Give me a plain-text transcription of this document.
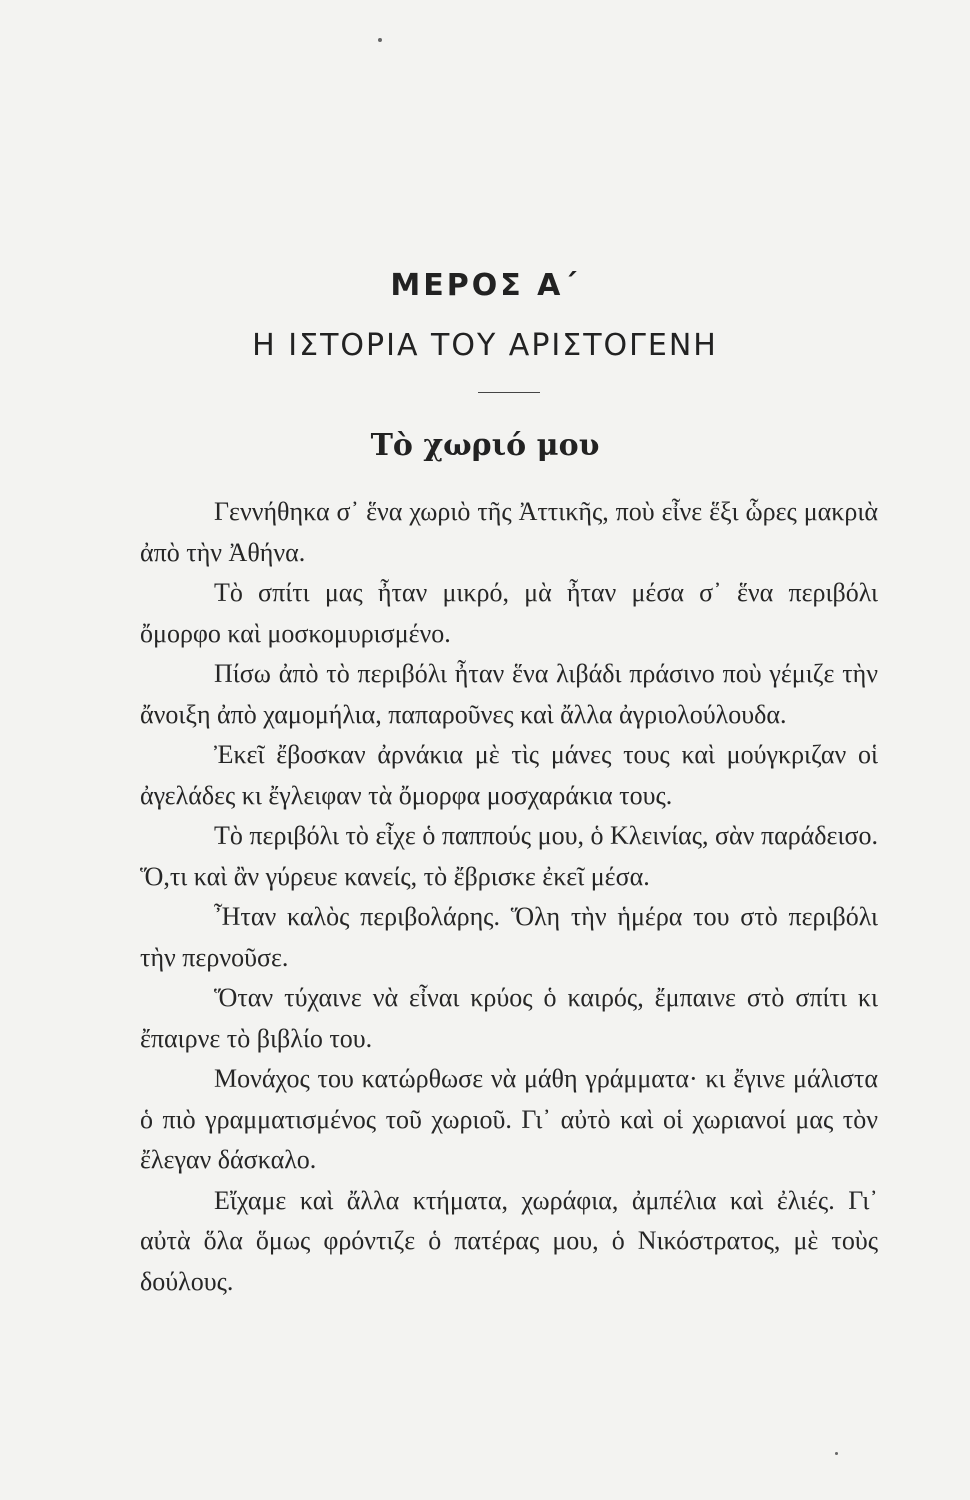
ΜΕΡΟΣ Α΄
Η ΙΣΤΟΡΙΑ ΤΟΥ ΑΡΙΣΤΟΓΕΝΗ
Τὸ χωριό μου

Γεννήθηκα σ᾽ ἕνα χωριὸ τῆς Ἀττικῆς, ποὺ εἶνε ἕξι ὧρες μακριὰ ἀπὸ τὴν Ἀθήνα.

Τὸ σπίτι μας ἦταν μικρό, μὰ ἦταν μέσα σ᾽ ἕνα περιβόλι ὄμορφο καὶ μοσκομυρισμένο.

Πίσω ἀπὸ τὸ περιβόλι ἦταν ἕνα λιβάδι πράσινο ποὺ γέμιζε τὴν ἄνοιξη ἀπὸ χαμομήλια, παπαροῦνες καὶ ἄλλα ἀγριολούλουδα.

Ἐκεῖ ἔβοσκαν ἀρνάκια μὲ τὶς μάνες τους καὶ μούγκριζαν οἱ ἀγελάδες κι ἔγλειφαν τὰ ὄμορφα μοσχαράκια τους.

Τὸ περιβόλι τὸ εἶχε ὁ παππούς μου, ὁ Κλεινίας, σὰν παράδεισο. Ὅ,τι καὶ ἂν γύρευε κανείς, τὸ ἔβρισκε ἐκεῖ μέσα.

Ἦταν καλὸς περιβολάρης. Ὅλη τὴν ἡμέρα του στὸ περιβόλι τὴν περνοῦσε.

Ὅταν τύχαινε νὰ εἶναι κρύος ὁ καιρός, ἔμπαινε στὸ σπίτι κι ἔπαιρνε τὸ βιβλίο του.

Μονάχος του κατώρθωσε νὰ μάθη γράμματα· κι ἔγινε μάλιστα ὁ πιὸ γραμματισμένος τοῦ χωριοῦ. Γι᾽ αὐτὸ καὶ οἱ χωριανοί μας τὸν ἔλεγαν δάσκαλο.

Εἴχαμε καὶ ἄλλα κτήματα, χωράφια, ἀμπέλια καὶ ἐλιές. Γι᾽ αὐτὰ ὅλα ὅμως φρόντιζε ὁ πατέρας μου, ὁ Νικόστρατος, μὲ τοὺς δούλους.
